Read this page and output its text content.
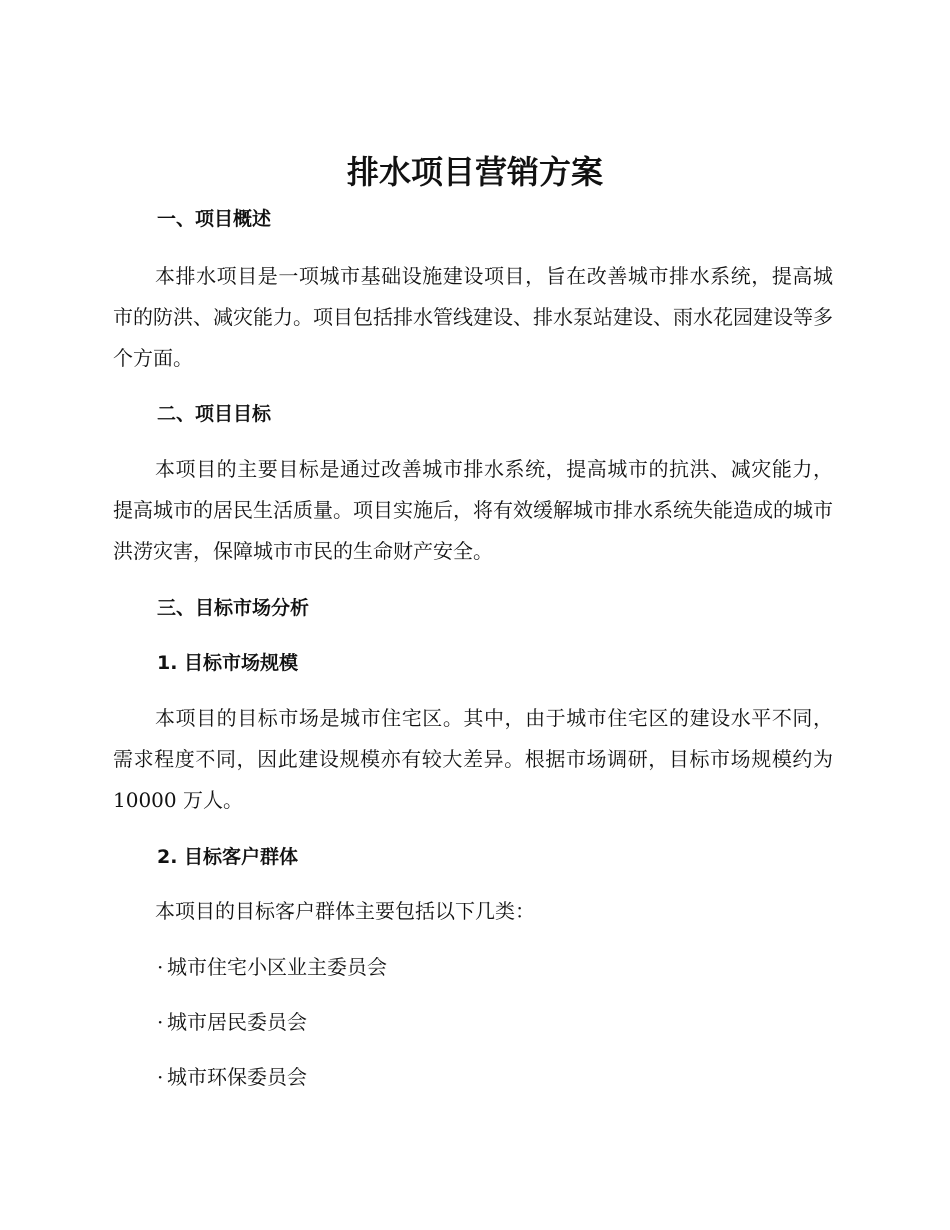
排水项目营销方案
一、项目概述

本排水项目是一项城市基础设施建设项目，旨在改善城市排水系统，提高城市的防洪、减灾能力。项目包括排水管线建设、排水泵站建设、雨水花园建设等多个方面。

二、项目目标

本项目的主要目标是通过改善城市排水系统，提高城市的抗洪、减灾能力，提高城市的居民生活质量。项目实施后，将有效缓解城市排水系统失能造成的城市洪涝灾害，保障城市市民的生命财产安全。

三、目标市场分析
1. 目标市场规模

本项目的目标市场是城市住宅区。其中，由于城市住宅区的建设水平不同，需求程度不同，因此建设规模亦有较大差异。根据市场调研，目标市场规模约为 10000 万人。

2. 目标客户群体

本项目的目标客户群体主要包括以下几类：

· 城市住宅小区业主委员会
· 城市居民委员会
· 城市环保委员会
